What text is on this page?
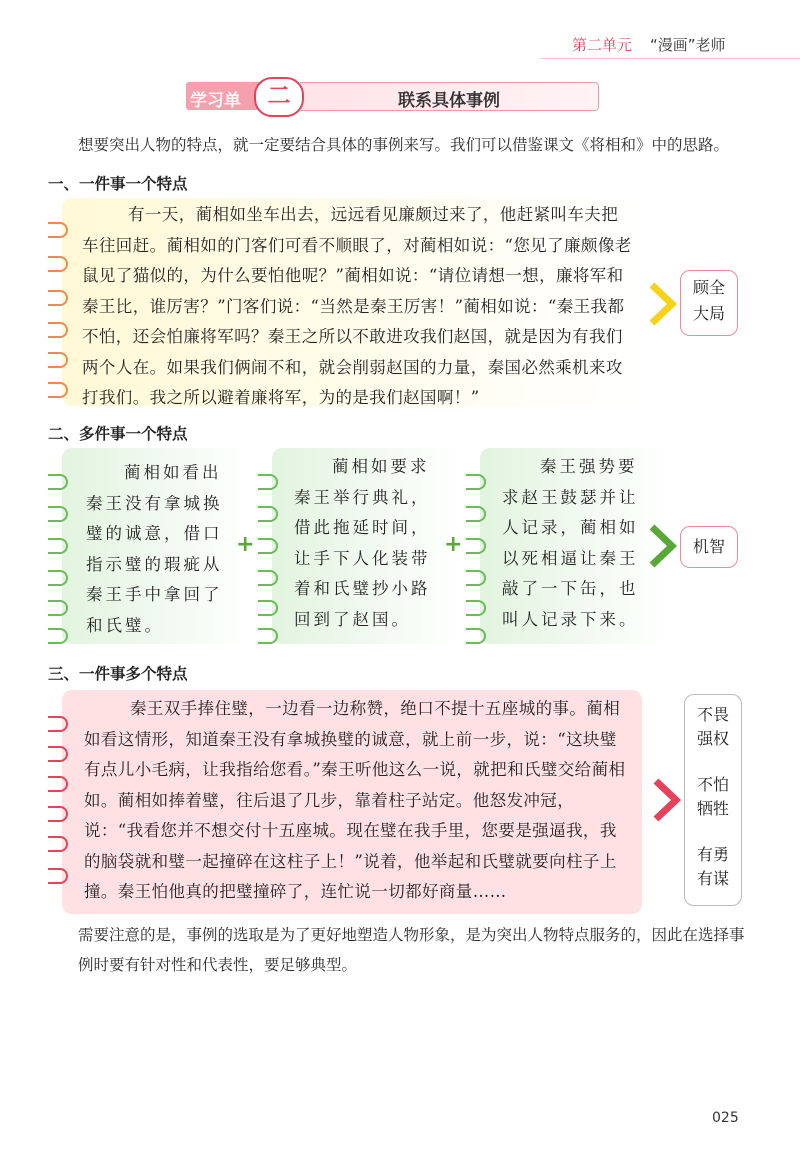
第二单元 “漫画”老师
学习单	二	联系具体事例
想要突出人物的特点，就一定要结合具体的事例来写。我们可以借鉴课文《将相和》中的思路。
一、一件事一个特点
有一天，蔺相如坐车出去，远远看见廉颇过来了，他赶紧叫车夫把车往回赶。蔺相如的门客们可看不顺眼了，对蔺相如说：“您见了廉颇像老鼠见了猫似的，为什么要怕他呢？”蔺相如说：“请位请想一想，廉将军和秦王比，谁厉害？”门客们说：“当然是秦王厉害！”蔺相如说：“秦王我都不怕，还会怕廉将军吗？秦王之所以不敢进攻我们赵国，就是因为有我们两个人在。如果我们俩闹不和，就会削弱赵国的力量，秦国必然乘机来攻打我们。我之所以避着廉将军，为的是我们赵国啊！”
顾全
大局
二、多件事一个特点
蔺相如看出秦王没有拿城换璧的诚意，借口指示璧的瑕疵从秦王手中拿回了和氏璧。
蔺相如要求秦王举行典礼，借此拖延时间，让手下人化装带着和氏璧抄小路回到了赵国。
秦王强势要求赵王鼓瑟并让人记录，蔺相如以死相逼让秦王敲了一下缶，也叫人记录下来。
+	+	机智
三、一件事多个特点
秦王双手捧住璧，一边看一边称赞，绝口不提十五座城的事。蔺相如看这情形，知道秦王没有拿城换璧的诚意，就上前一步，说：“这块璧有点儿小毛病，让我指给您看。”秦王听他这么一说，就把和氏璧交给蔺相如。蔺相如捧着璧，往后退了几步，靠着柱子站定。他怒发冲冠，说：“我看您并不想交付十五座城。现在璧在我手里，您要是强逼我，我的脑袋就和璧一起撞碎在这柱子上！”说着，他举起和氏璧就要向柱子上撞。秦王怕他真的把璧撞碎了，连忙说一切都好商量……
不畏
强权
不怕
牺牲
有勇
有谋
需要注意的是，事例的选取是为了更好地塑造人物形象，是为突出人物特点服务的，因此在选择事例时要有针对性和代表性，要足够典型。
025
